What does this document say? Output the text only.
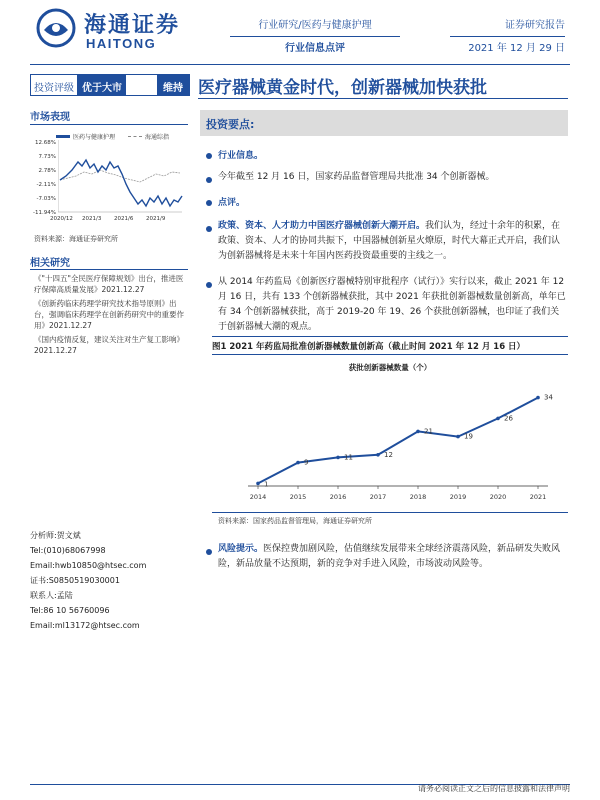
海通证券
HAITONG
行业研究/医药与健康护理
行业信息点评
证券研究报告
2021 年 12 月 29 日
投资评级 优于大市	维持 医疗器械黄金时代，创新器械加快获批
市场表现
医药与健康护理	海通综指
12.68%
7.73%
2.78%
-2.11%
-7.03%
-11.94%
2020/12 2021/3 2021/6 2021/9
资料来源：海通证券研究所
相关研究
《"十四五"全民医疗保障规划》出台，推进医疗保障高质量发展》2021.12.27
《创新药临床药理学研究技术指导原则》出台，强调临床药理学在创新药研究中的重要作用》2021.12.27
《国内疫情反复，建议关注对生产复工影响》2021.12.27
分析师:贺文斌
Tel:(010)68067998
Email:hwb10850@htsec.com
证书:S0850519030001
联系人:孟陆
Tel:86 10 56760096
Email:ml13172@htsec.com
投资要点:
行业信息。
今年截至 12 月 16 日，国家药品监督管理局共批准 34 个创新器械。
点评。
政策、资本、人才助力中国医疗器械创新大潮开启。我们认为，经过十余年的积累，在政策、资本、人才的协同共振下，中国器械创新星火燎原，时代大幕正式开启，我们认为创新器械将是未来十年国内医药投资最重要的主线之一。
从 2014 年药监局《创新医疗器械特别审批程序（试行）》实行以来，截止 2021 年 12 月 16 日，共有 133 个创新器械获批，其中 2021 年获批创新器械数量创新高，单年已有 34 个创新器械获批，高于 2019-20 年 19、26 个获批创新器械，也印证了我们关于创新器械大潮的观点。
图1 2021 年药监局批准创新器械数量创新高（截止时间 2021 年 12 月 16 日）
获批创新器械数量（个）
2014	2015	2016	2017	2018	2019	2020	2021
1
9
11	12
21
19
26
34
资料来源：国家药品监督管理局，海通证券研究所
风险提示。医保控费加剧风险，估值继续发展带来全球经济震荡风险，新品研发失败风险，新品放量不达预期，新的竞争对手进入风险，市场波动风险等。
请务必阅读正文之后的信息披露和法律声明
